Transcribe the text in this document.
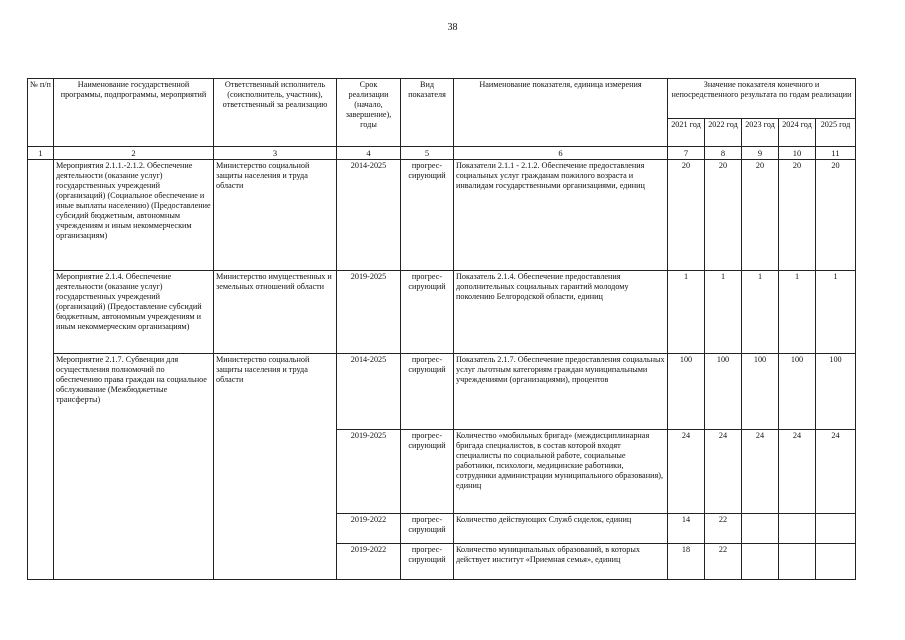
38
№ п/п	Наименование государственной программы, подпрограммы, мероприятий	Ответственный исполнитель (соисполнитель, участник), ответственный за реализацию	Срок реализации (начало, завершение), годы	Вид показателя	Наименование показателя, единица измерения	Значение показателя конечного и непосредственного результата по годам реализации				
						2021 год	2022 год	2023 год	2024 год	2025 год
1	2	3	4	5	6	7	8	9	10	11
	Мероприятия 2.1.1.-2.1.2. Обеспечение деятельности (оказание услуг) государственных учреждений (организаций) (Социальное обеспечение и иные выплаты населению) (Предоставление субсидий бюджетным, автономным учреждениям и иным некоммерческим организациям)	Министерство социальной защиты населения и труда области	2014-2025	прогрес-сирующий	Показатели 2.1.1 - 2.1.2. Обеспечение предоставления социальных услуг гражданам пожилого возраста и инвалидам государственными организациями, единиц	20	20	20	20	20
	Мероприятие 2.1.4. Обеспечение деятельности (оказание услуг) государственных учреждений (организаций) (Предоставление субсидий бюджетным, автономным учреждениям и иным некоммерческим организациям)	Министерство имущественных и земельных отношений области	2019-2025	прогрес-сирующий	Показатель 2.1.4. Обеспечение предоставления дополнительных социальных гарантий молодому поколению Белгородской области, единиц	1	1	1	1	1
	Мероприятие 2.1.7. Субвенции для осуществления полномочий по обеспечению права граждан на социальное обслуживание (Межбюджетные трансферты)	Министерство социальной защиты населения и труда области	2014-2025	прогрес-сирующий	Показатель 2.1.7. Обеспечение предоставления социальных услуг льготным категориям граждан муниципальными учреждениями (организациями), процентов	100	100	100	100	100
			2019-2025	прогрес-сирующий	Количество «мобильных бригад» (междисциплинарная бригада специалистов, в состав которой входят специалисты по социальной работе, социальные работники, психологи, медицинские работники, сотрудники администрации муниципального образования), единиц	24	24	24	24	24
			2019-2022	прогрес-сирующий	Количество действующих Служб сиделок, единиц	14	22			
			2019-2022	прогрес-сирующий	Количество муниципальных образований, в которых действует институт «Приемная семья», единиц	18	22			
